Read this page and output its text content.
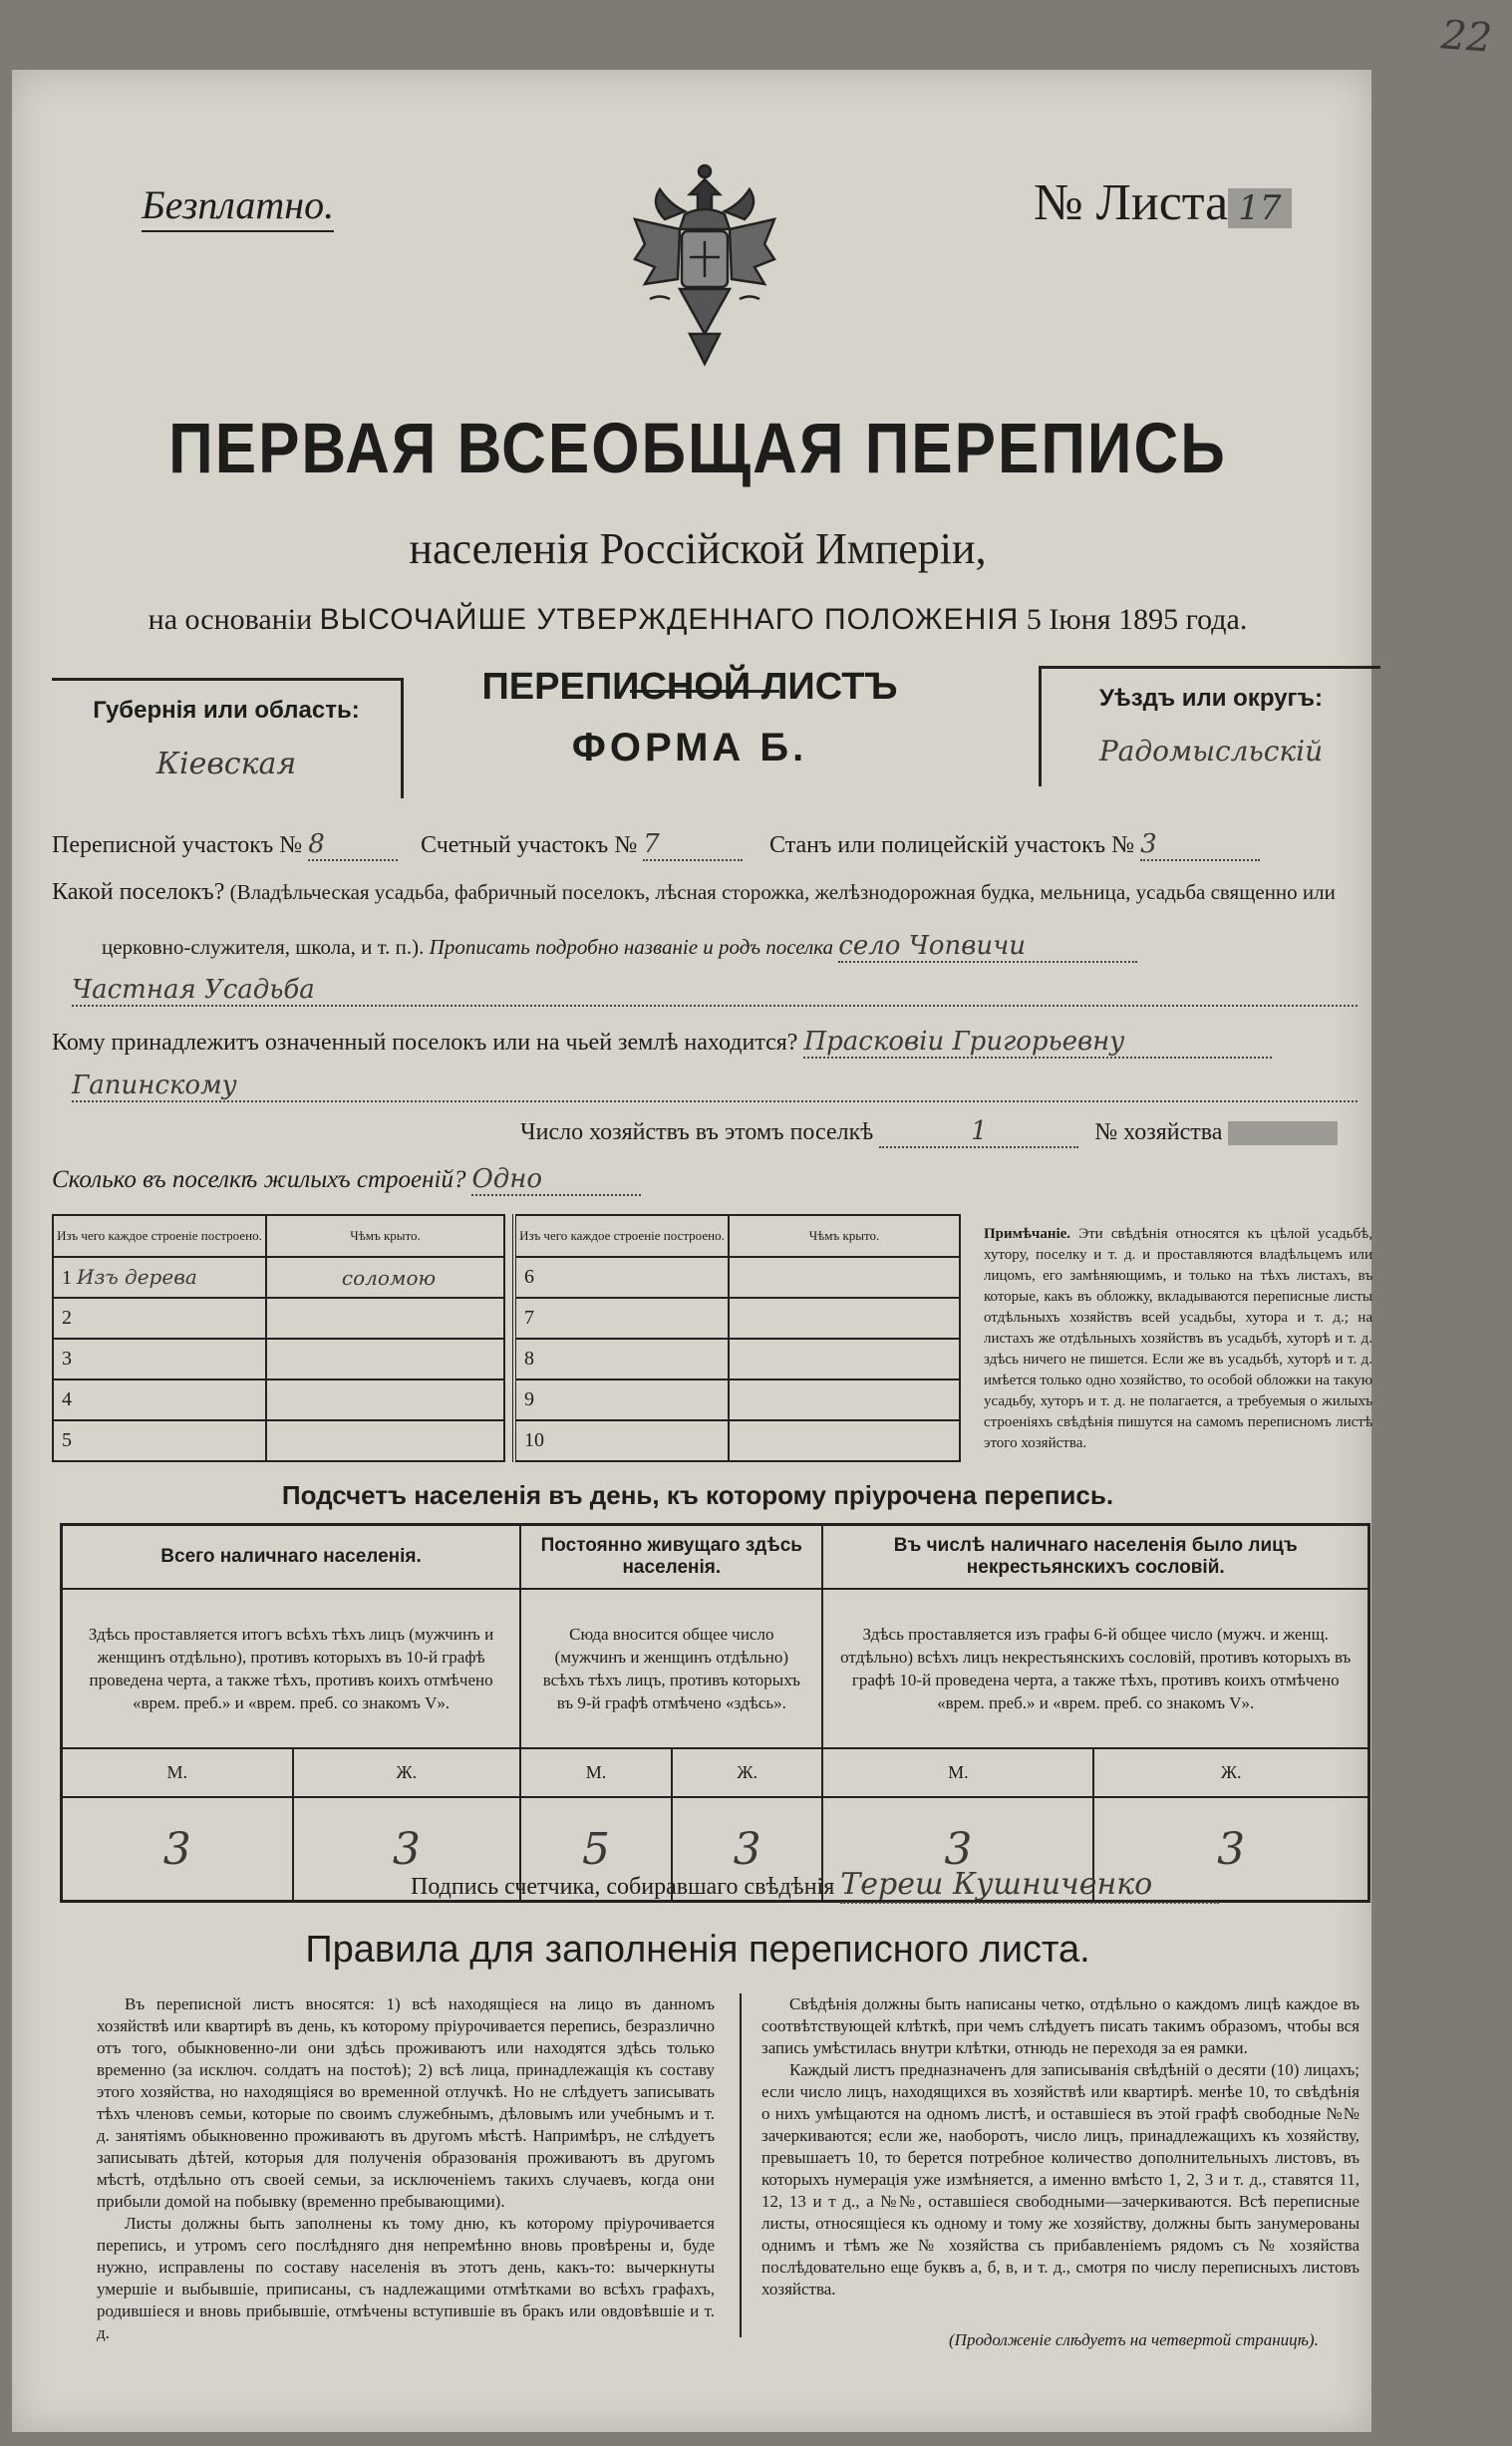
22

Безплатно.	№ Листа 17
ПЕРВАЯ ВСЕОБЩАЯ ПЕРЕПИСЬ
населенія Россійской Имперіи,
на основаніи ВЫСОЧАЙШЕ УТВЕРЖДЕННАГО ПОЛОЖЕНІЯ 5 Іюня 1895 года.
Губернія или область:
Кіевская
ПЕРЕПИСНОЙ ЛИСТЪ
ФОРМА Б.
Уѣздъ или округъ:
Радомысльскій
Переписной участокъ № 8	Счетный участокъ № 7	Станъ или полицейскій участокъ № 3
Какой поселокъ? (Владѣльческая усадьба, фабричный поселокъ, лѣсная сторожка, желѣзнодорожная будка, мельница, усадьба священно или
церковно-служителя, школа, и т. п.). Прописать подробно названіе и родъ поселка село Чопвичи
Частная Усадьба
Кому принадлежитъ означенный поселокъ или на чьей землѣ находится? Прасковіи Григорьевну
Гапинскому
Число хозяйствъ въ этомъ поселкѣ	1	№ хозяйства
Сколько въ поселкѣ жилыхъ строеній? Одно
Изъ чего каждое строеніе построено.	Чѣмъ крыто.
1 Изъ дерева	соломою
2	
3	
4	
5	
Изъ чего каждое строеніе построено.	Чѣмъ крыто.
6	
7	
8	
9	
10	
Примѣчаніе. Эти свѣдѣнія относятся къ цѣлой усадьбѣ, хутору, поселку и т. д. и проставляются владѣльцемъ или лицомъ, его замѣняющимъ, и только на тѣхъ листахъ, въ которые, какъ въ обложку, вкладываются переписные листы отдѣльныхъ хозяйствъ всей усадьбы, хутора и т. д.; на листахъ же отдѣльныхъ хозяйствъ въ усадьбѣ, хуторѣ и т. д. здѣсь ничего не пишется. Если же въ усадьбѣ, хуторѣ и т. д. имѣется только одно хозяйство, то особой обложки на такую усадьбу, хуторъ и т. д. не полагается, а требуемыя о жилыхъ строеніяхъ свѣдѣнія пишутся на самомъ переписномъ листѣ этого хозяйства.
Подсчетъ населенія въ день, къ которому пріурочена перепись.
Всего наличнаго населенія.		Постоянно живущаго здѣсь населенія.		Въ числѣ наличнаго населенія было лицъ некрестьянскихъ сословій.	
Здѣсь проставляется итогъ всѣхъ тѣхъ лицъ (мужчинъ и женщинъ отдѣльно), противъ которыхъ въ 10-й графѣ проведена черта, а также тѣхъ, противъ коихъ отмѣчено «врем. преб.» и «врем. преб. со знакомъ V».		Сюда вносится общее число (мужчинъ и женщинъ отдѣльно) всѣхъ тѣхъ лицъ, противъ которыхъ въ 9-й графѣ отмѣчено «здѣсь».		Здѣсь проставляется изъ графы 6-й общее число (мужч. и женщ. отдѣльно) всѣхъ лицъ некрестьянскихъ сословій, противъ которыхъ въ графѣ 10-й проведена черта, а также тѣхъ, противъ коихъ отмѣчено «врем. преб.» и «врем. преб. со знакомъ V».	
М.	Ж.	М.	Ж.	М.	Ж.
3	3	5	3	3	3
Подпись счетчика, собиравшаго свѣдѣнія Тереш Кушниченко
Правила для заполненія переписного листа.

Въ переписной листъ вносятся: 1) всѣ находящіеся на лицо въ данномъ хозяйствѣ или квартирѣ въ день, къ которому пріурочивается перепись, безразлично отъ того, обыкновенно-ли они здѣсь проживаютъ или находятся здѣсь только временно (за исключ. солдатъ на постоѣ); 2) всѣ лица, принадлежащія къ составу этого хозяйства, но находящіяся во временной отлучкѣ. Но не слѣдуетъ записывать тѣхъ членовъ семьи, которые по своимъ служебнымъ, дѣловымъ или учебнымъ и т. д. занятіямъ обыкновенно проживаютъ въ другомъ мѣстѣ. Напримѣръ, не слѣдуетъ записывать дѣтей, которыя для полученія образованія проживаютъ въ другомъ мѣстѣ, отдѣльно отъ своей семьи, за исключеніемъ такихъ случаевъ, когда они прибыли домой на побывку (временно пребывающими).

Листы должны быть заполнены къ тому дню, къ которому пріурочивается перепись, и утромъ сего послѣдняго дня непремѣнно вновь провѣрены и, буде нужно, исправлены по составу населенія въ этотъ день, какъ-то: вычеркнуты умершіе и выбывшіе, приписаны, съ надлежащими отмѣтками во всѣхъ графахъ, родившіеся и вновь прибывшіе, отмѣчены вступившіе въ бракъ или овдовѣвшіе и т. д.

Свѣдѣнія должны быть написаны четко, отдѣльно о каждомъ лицѣ каждое въ соотвѣтствующей клѣткѣ, при чемъ слѣдуетъ писать такимъ образомъ, чтобы вся запись умѣстилась внутри клѣтки, отнюдь не переходя за ея рамки.

Каждый листъ предназначенъ для записыванія свѣдѣній о десяти (10) лицахъ; если число лицъ, находящихся въ хозяйствѣ или квартирѣ. менѣе 10, то свѣдѣнія о нихъ умѣщаются на одномъ листѣ, и оставшіеся въ этой графѣ свободные №№ зачеркиваются; если же, наоборотъ, число лицъ, принадлежащихъ къ хозяйству, превышаетъ 10, то берется потребное количество дополнительныхъ листовъ, въ которыхъ нумерація уже измѣняется, а именно вмѣсто 1, 2, 3 и т. д., ставятся 11, 12, 13 и т д., а №№, оставшіеся свободными—зачеркиваются. Всѣ переписные листы, относящіеся къ одному и тому же хозяйству, должны быть занумерованы однимъ и тѣмъ же № хозяйства съ прибавленіемъ рядомъ съ № хозяйства послѣдовательно еще буквъ а, б, в, и т. д., смотря по числу переписныхъ листовъ хозяйства.

(Продолженіе слѣдуетъ на четвертой страницѣ).
